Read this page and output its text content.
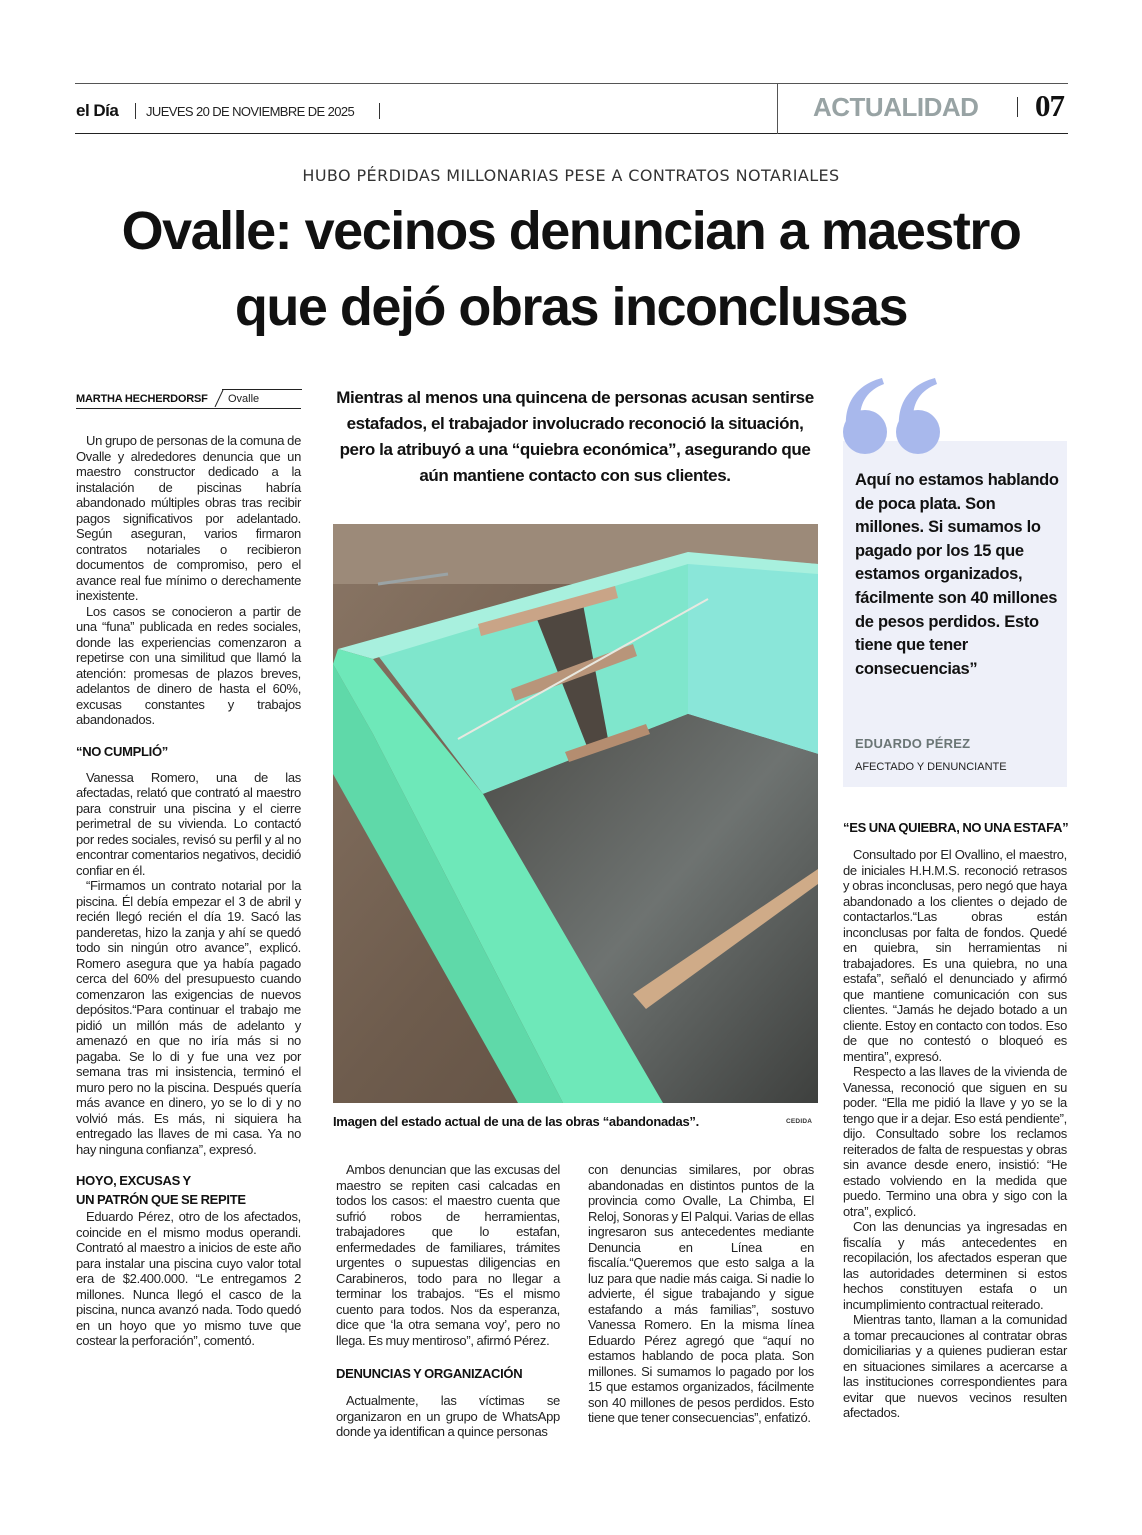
el Día JUEVES 20 DE NOVIEMBRE DE 2025	ACTUALIDAD 07
HUBO PÉRDIDAS MILLONARIAS PESE A CONTRATOS NOTARIALES
Ovalle: vecinos denuncian a maestro
que dejó obras inconclusas
MARTHA HECHERDORSF Ovalle

Un grupo de personas de la comuna de Ovalle y alrededores denuncia que un maestro constructor dedicado a la instalación de piscinas habría abandonado múltiples obras tras recibir pagos significativos por adelantado. Según aseguran, varios firmaron contratos notariales o recibieron documentos de compromiso, pero el avance real fue mínimo o derechamente inexistente.

Los casos se conocieron a partir de una “funa” publicada en redes sociales, donde las experiencias comenzaron a repetirse con una similitud que llamó la atención: promesas de plazos breves, adelantos de dinero de hasta el 60%, excusas constantes y trabajos abandonados.

“NO CUMPLIÓ”

Vanessa Romero, una de las afectadas, relató que contrató al maestro para construir una piscina y el cierre perimetral de su vivienda. Lo contactó por redes sociales, revisó su perfil y al no encontrar comentarios negativos, decidió confiar en él.

“Firmamos un contrato notarial por la piscina. Él debía empezar el 3 de abril y recién llegó recién el día 19. Sacó las panderetas, hizo la zanja y ahí se quedó todo sin ningún otro avance”, explicó. Romero asegura que ya había pagado cerca del 60% del presupuesto cuando comenzaron las exigencias de nuevos depósitos.“Para continuar el trabajo me pidió un millón más de adelanto y amenazó en que no iría más si no pagaba. Se lo di y fue una vez por semana tras mi insistencia, terminó el muro pero no la piscina. Después quería más avance en dinero, yo se lo di y no volvió más. Es más, ni siquiera ha entregado las llaves de mi casa. Ya no hay ninguna confianza”, expresó.

HOYO, EXCUSAS Y
UN PATRÓN QUE SE REPITE

Eduardo Pérez, otro de los afectados, coincide en el mismo modus operandi. Contrató al maestro a inicios de este año para instalar una piscina cuyo valor total era de $2.400.000. “Le entregamos 2 millones. Nunca llegó el casco de la piscina, nunca avanzó nada. Todo quedó en un hoyo que yo mismo tuve que costear la perforación”, comentó.

Mientras al menos una quincena de personas acusan sentirse estafados, el trabajador involucrado reconoció la situación, pero la atribuyó a una “quiebra económica”, asegurando que aún mantiene contacto con sus clientes.
Imagen del estado actual de una de las obras “abandonadas”.	CEDIDA

Ambos denuncian que las excusas del maestro se repiten casi calcadas en todos los casos: el maestro cuenta que sufrió robos de herramientas, trabajadores que lo estafan, enfermedades de familiares, trámites urgentes o supuestas diligencias en Carabineros, todo para no llegar a terminar los trabajos. “Es el mismo cuento para todos. Nos da esperanza, dice que ‘la otra semana voy’, pero no llega. Es muy mentiroso”, afirmó Pérez.

DENUNCIAS Y ORGANIZACIÓN

Actualmente, las víctimas se organizaron en un grupo de WhatsApp donde ya identifican a quince personas

con denuncias similares, por obras abandonadas en distintos puntos de la provincia como Ovalle, La Chimba, El Reloj, Sonoras y El Palqui. Varias de ellas ingresaron sus antecedentes mediante Denuncia en Línea en fiscalía.“Queremos que esto salga a la luz para que nadie más caiga. Si nadie lo advierte, él sigue trabajando y sigue estafando a más familias”, sostuvo Vanessa Romero. En la misma línea Eduardo Pérez agregó que “aquí no estamos hablando de poca plata. Son millones. Si sumamos lo pagado por los 15 que estamos organizados, fácilmente son 40 millones de pesos perdidos. Esto tiene que tener consecuencias”, enfatizó.

Aquí no estamos hablando de poca plata. Son millones. Si sumamos lo pagado por los 15 que estamos organizados, fácilmente son 40 millones de pesos perdidos. Esto tiene que tener consecuencias”
EDUARDO PÉREZ
AFECTADO Y DENUNCIANTE
“ES UNA QUIEBRA, NO UNA ESTAFA”

Consultado por El Ovallino, el maestro, de iniciales H.H.M.S. reconoció retrasos y obras inconclusas, pero negó que haya abandonado a los clientes o dejado de contactarlos.“Las obras están inconclusas por falta de fondos. Quedé en quiebra, sin herramientas ni trabajadores. Es una quiebra, no una estafa”, señaló el denunciado y afirmó que mantiene comunicación con sus clientes. “Jamás he dejado botado a un cliente. Estoy en contacto con todos. Eso de que no contestó o bloqueó es mentira”, expresó.

Respecto a las llaves de la vivienda de Vanessa, reconoció que siguen en su poder. “Ella me pidió la llave y yo se la tengo que ir a dejar. Eso está pendiente”, dijo. Consultado sobre los reclamos reiterados de falta de respuestas y obras sin avance desde enero, insistió: “He estado volviendo en la medida que puedo. Termino una obra y sigo con la otra”, explicó.

Con las denuncias ya ingresadas en fiscalía y más antecedentes en recopilación, los afectados esperan que las autoridades determinen si estos hechos constituyen estafa o un incumplimiento contractual reiterado.

Mientras tanto, llaman a la comunidad a tomar precauciones al contratar obras domiciliarias y a quienes pudieran estar en situaciones similares a acercarse a las instituciones correspondientes para evitar que nuevos vecinos resulten afectados.
